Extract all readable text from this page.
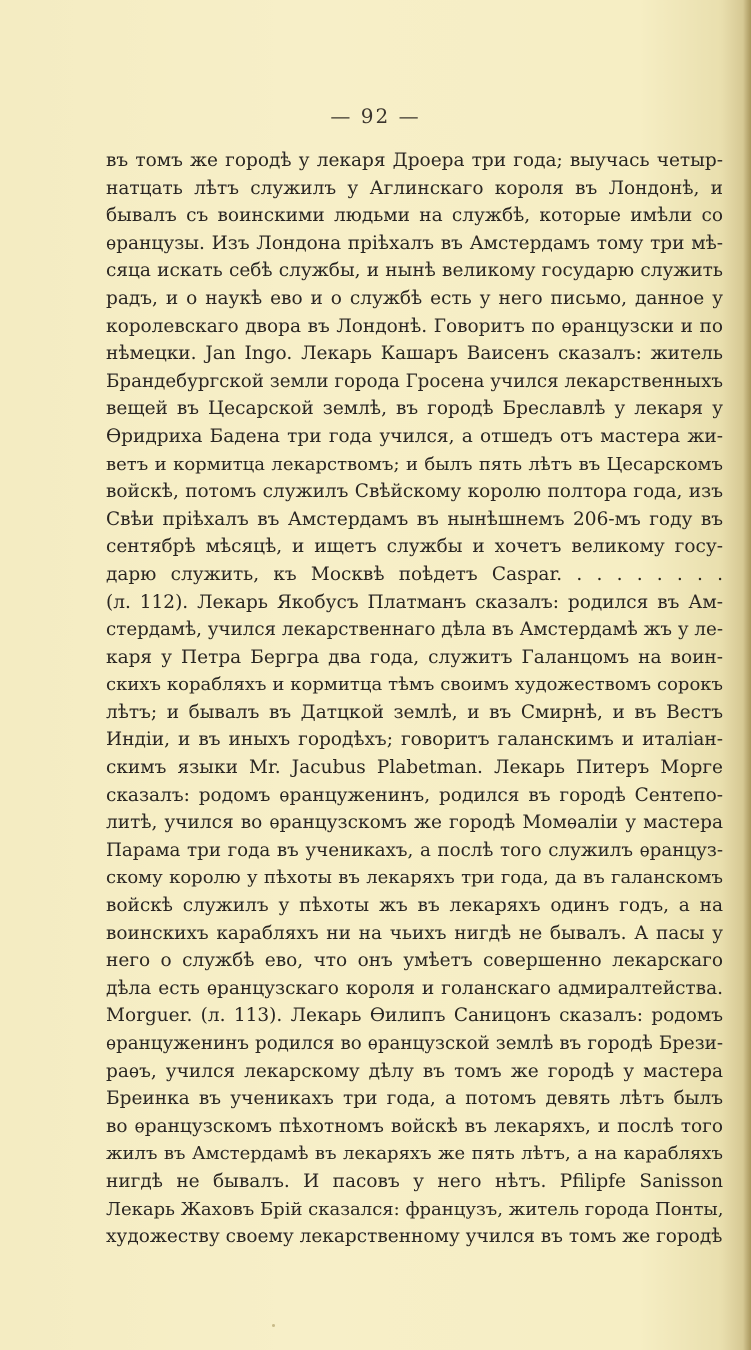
— 92 —
въ томъ же городѣ у лекаря Дроера три года; выучась четыр-
натцать лѣтъ служилъ у Аглинскаго короля въ Лондонѣ, и
бывалъ съ воинскими людьми на службѣ, которые имѣли со
ѳранцузы. Изъ Лондона пріѣхалъ въ Амстердамъ тому три мѣ-
сяца искать себѣ службы, и нынѣ великому государю служить
радъ, и о наукѣ ево и о службѣ есть у него письмо, данное у
королевскаго двора въ Лондонѣ. Говоритъ по ѳранцузски и по
нѣмецки. Jan Ingo. Лекарь Кашаръ Ваисенъ сказалъ: житель
Брандебургской земли города Гросена учился лекарственныхъ
вещей въ Цесарской землѣ, въ городѣ Бреславлѣ у лекаря у
Ѳридриха Бадена три года учился, а отшедъ отъ мастера жи-
ветъ и кормитца лекарствомъ; и былъ пять лѣтъ въ Цесарскомъ
войскѣ, потомъ служилъ Свѣйскому королю полтора года, изъ
Свѣи пріѣхалъ въ Амстердамъ въ нынѣшнемъ 206-мъ году въ
сентябрѣ мѣсяцѣ, и ищетъ службы и хочетъ великому госу-
дарю служить, къ Москвѣ поѣдетъ Caspar. . . . . . . . .
(л. 112). Лекарь Якобусъ Платманъ сказалъ: родился въ Ам-
стердамѣ, учился лекарственнаго дѣла въ Амстердамѣ жъ у ле-
каря у Петра Бергра два года, служитъ Галанцомъ на воин-
скихъ корабляхъ и кормитца тѣмъ своимъ художествомъ сорокъ
лѣтъ; и бывалъ въ Датцкой землѣ, и въ Смирнѣ, и въ Вестъ
Индіи, и въ иныхъ городѣхъ; говоритъ галанскимъ и италіан-
скимъ языки Mr. Jacubus Plabetman. Лекарь Питеръ Морге
сказалъ: родомъ ѳранцуженинъ, родился въ городѣ Сентепо-
литѣ, учился во ѳранцузскомъ же городѣ Момѳаліи у мастера
Парама три года въ ученикахъ, а послѣ того служилъ ѳранцуз-
скому королю у пѣхоты въ лекаряхъ три года, да въ галанскомъ
войскѣ служилъ у пѣхоты жъ въ лекаряхъ одинъ годъ, а на
воинскихъ карабляхъ ни на чьихъ нигдѣ не бывалъ. А пасы у
него о службѣ ево, что онъ умѣетъ совершенно лекарскаго
дѣла есть ѳранцузскаго короля и голанскаго адмиралтейства.
Morguer. (л. 113). Лекарь Ѳилипъ Саницонъ сказалъ: родомъ
ѳранцуженинъ родился во ѳранцузской землѣ въ городѣ Брези-
раѳъ, учился лекарскому дѣлу въ томъ же городѣ у мастера
Бреинка въ ученикахъ три года, а потомъ девять лѣтъ былъ
во ѳранцузскомъ пѣхотномъ войскѣ въ лекаряхъ, и послѣ того
жилъ въ Амстердамѣ въ лекаряхъ же пять лѣтъ, а на карабляхъ
нигдѣ не бывалъ. И пасовъ у него нѣтъ. Pfilipfe Sanisson
Лекарь Жаховъ Брій сказался: французъ, житель города Понты,
художеству своему лекарственному учился въ томъ же городѣ
